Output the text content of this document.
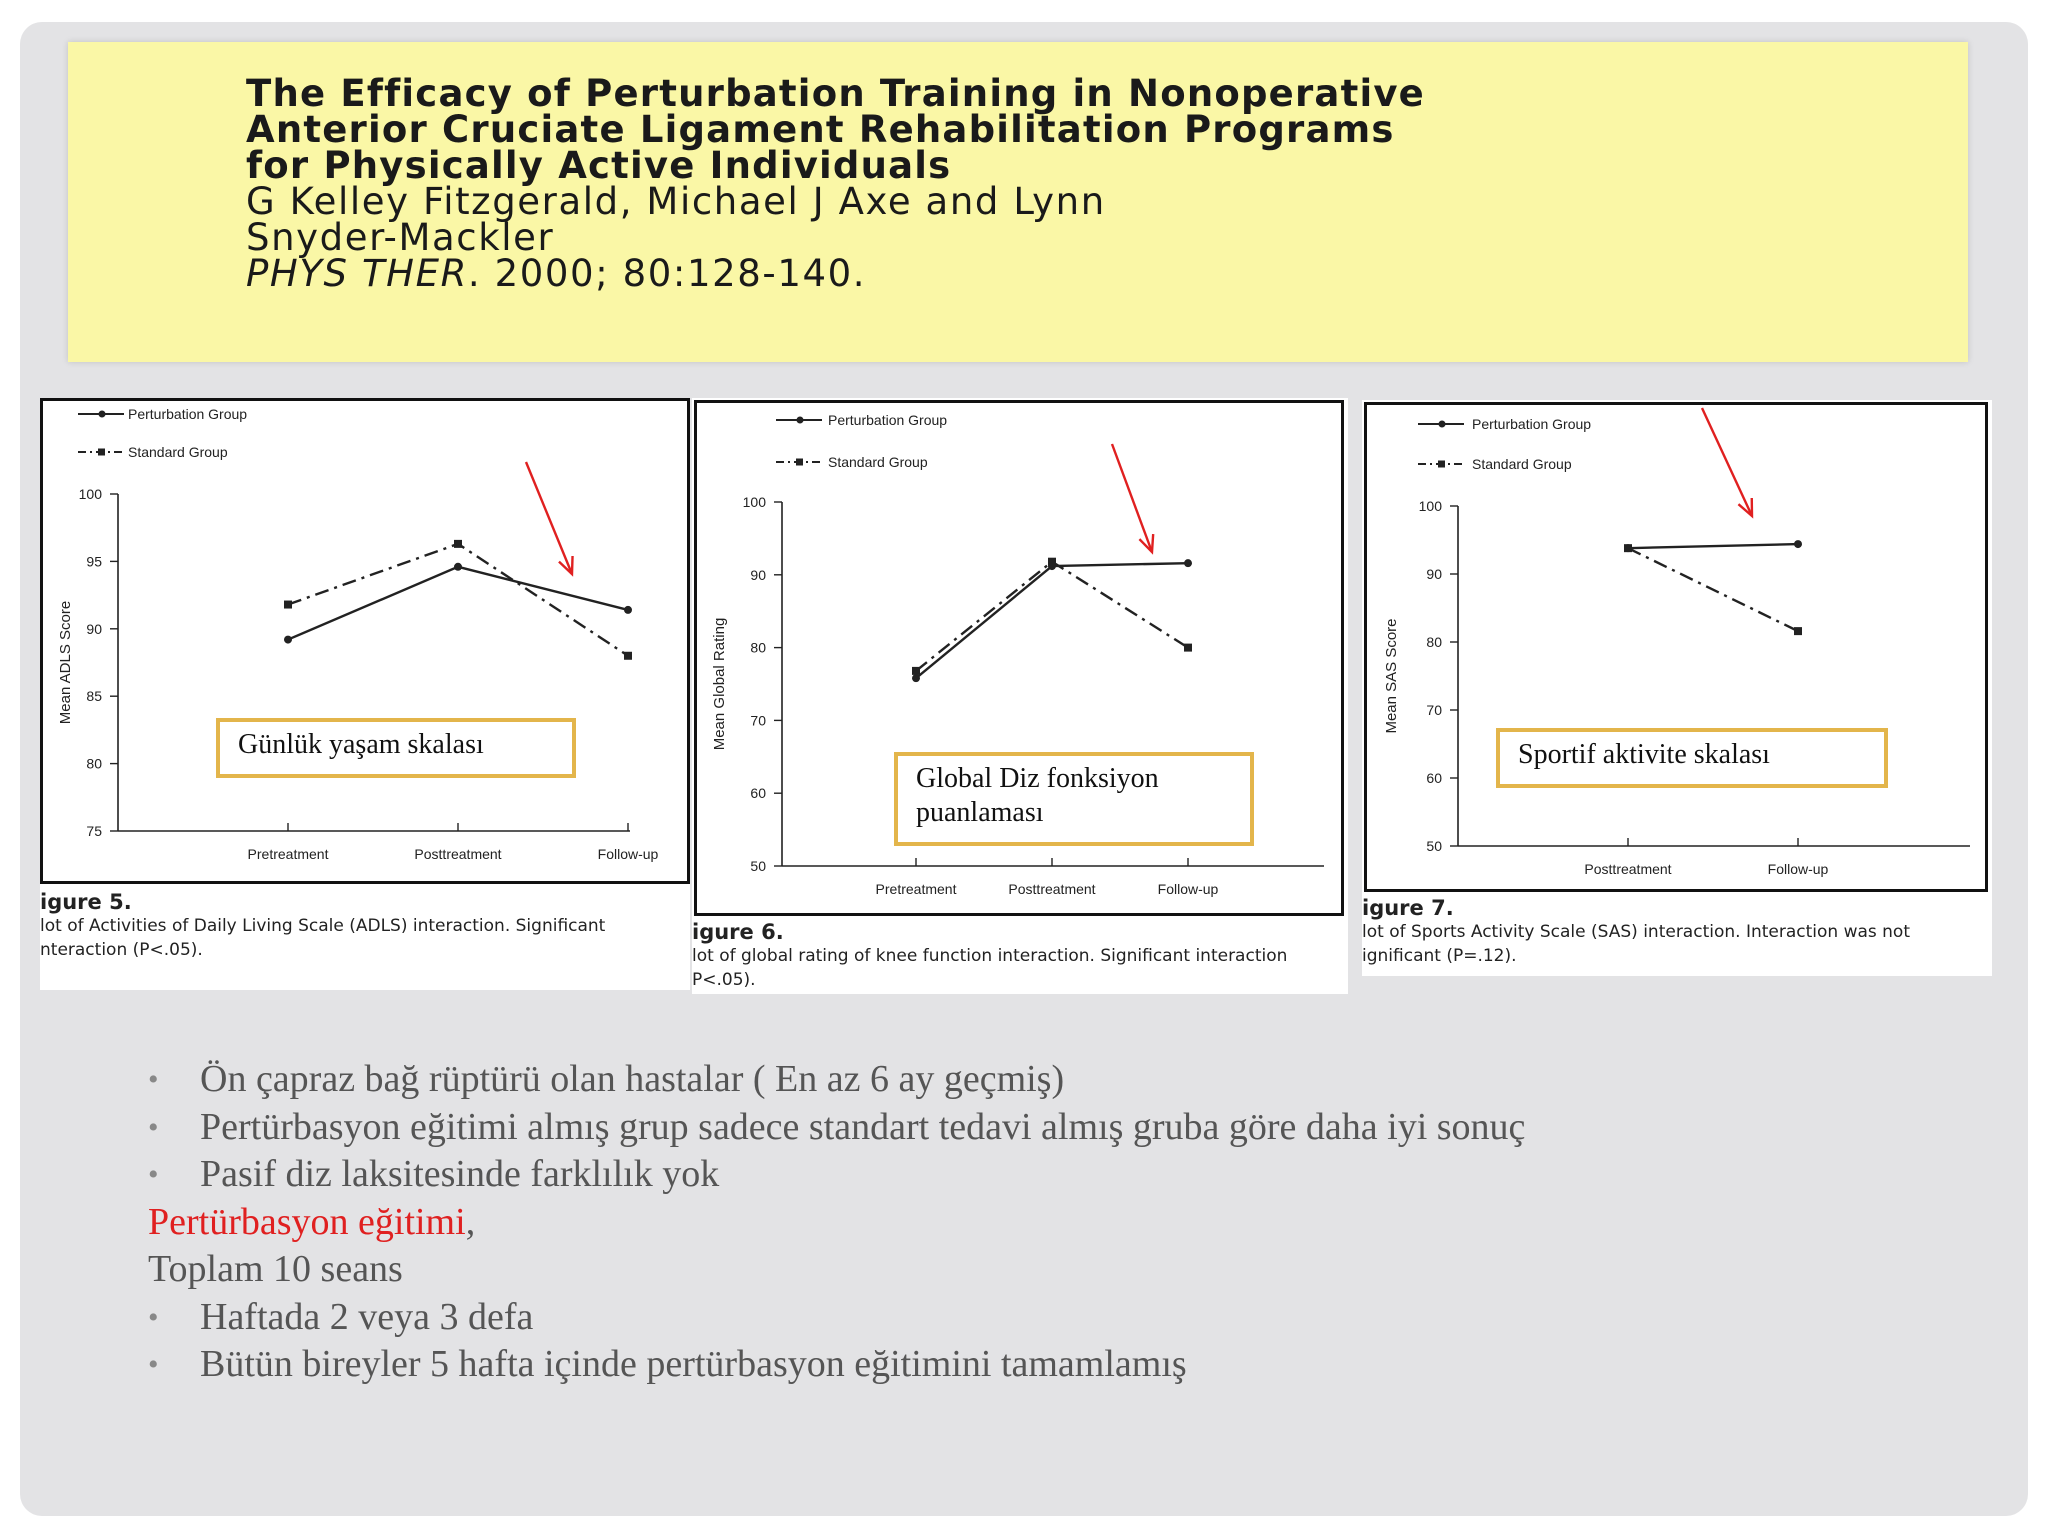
The Efficacy of Perturbation Training in Nonoperative
Anterior Cruciate Ligament Rehabilitation Programs
for Physically Active Individuals
G Kelley Fitzgerald, Michael J Axe and Lynn
Snyder-Mackler
PHYS THER. 2000; 80:128-140.
Perturbation Group
Standard Group
75
80
85
90
95
100
Pretreatment	Posttreatment	Follow-up
Mean ADLS Score
Günlük yaşam skalası
igure 5.
lot of Activities of Daily Living Scale (ADLS) interaction. Significant
nteraction (P<.05).
Perturbation Group
Standard Group
50
60
70
80
90
100
Pretreatment	Posttreatment	Follow-up
Mean Global Rating
Global Diz fonksiyon
puanlaması
igure 6.
lot of global rating of knee function interaction. Significant interaction
P<.05).
Perturbation Group
Standard Group
50
60
70
80
90
100
Posttreatment	Follow-up
Mean SAS Score
Sportif aktivite skalası
igure 7.
lot of Sports Activity Scale (SAS) interaction. Interaction was not
ignificant (P=.12).
• Ön çapraz bağ rüptürü olan hastalar ( En az 6 ay geçmiş)
• Pertürbasyon eğitimi almış grup sadece standart tedavi almış gruba göre daha iyi sonuç
• Pasif diz laksitesinde farklılık yok
Pertürbasyon eğitimi,
Toplam 10 seans
• Haftada 2 veya 3 defa
• Bütün bireyler 5 hafta içinde pertürbasyon eğitimini tamamlamış
